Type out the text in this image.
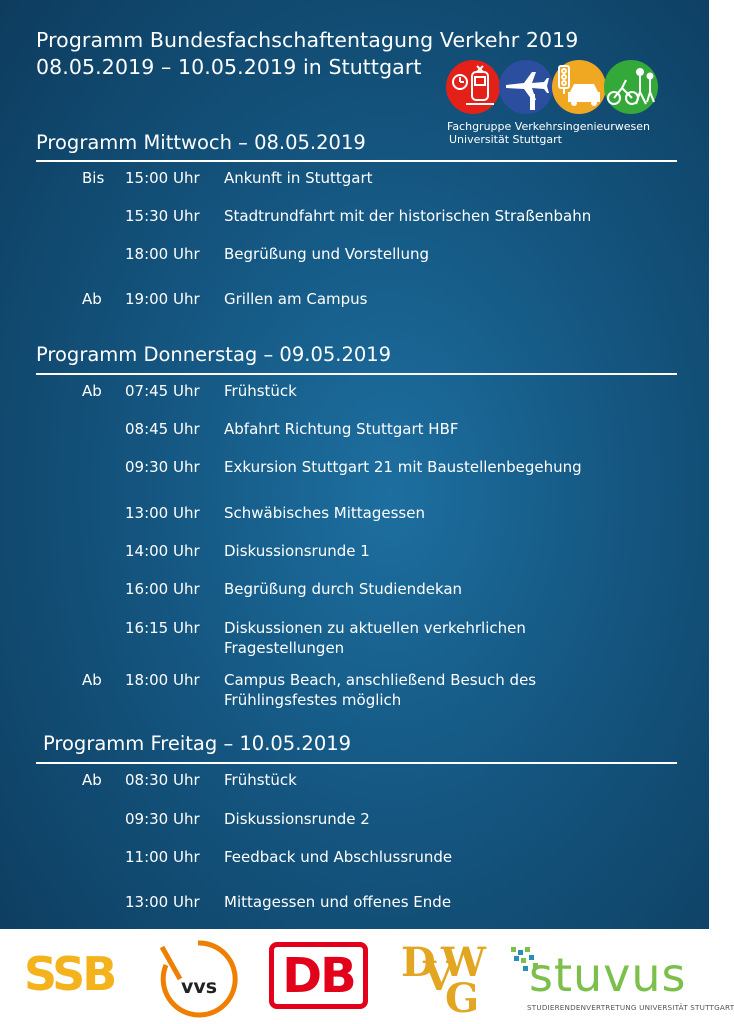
Programm Bundesfachschaftentagung Verkehr 2019
08.05.2019 – 10.05.2019 in Stuttgart
Fachgruppe Verkehrsingenieurwesen
Universität Stuttgart
Programm Mittwoch – 08.05.2019
Bis	15:00 Uhr Ankunft in Stuttgart
15:30 Uhr Stadtrundfahrt mit der historischen Straßenbahn
18:00 Uhr Begrüßung und Vorstellung
Ab	19:00 Uhr Grillen am Campus
Programm Donnerstag – 09.05.2019
Ab	07:45 Uhr Frühstück
08:45 Uhr Abfahrt Richtung Stuttgart HBF
09:30 Uhr Exkursion Stuttgart 21 mit Baustellenbegehung
13:00 Uhr Schwäbisches Mittagessen
14:00 Uhr Diskussionsrunde 1
16:00 Uhr Begrüßung durch Studiendekan
16:15 Uhr Diskussionen zu aktuellen verkehrlichen Fragestellungen
Ab	18:00 Uhr Campus Beach, anschließend Besuch des Frühlingsfestes möglich
Programm Freitag – 10.05.2019
Ab	08:30 Uhr Frühstück
09:30 Uhr Diskussionsrunde 2
11:00 Uhr Feedback und Abschlussrunde
13:00 Uhr Mittagessen und offenes Ende
SSB	vvs DB D
V
W
G stuvus
STUDIERENDENVERTRETUNG UNIVERSITÄT STUTTGART
